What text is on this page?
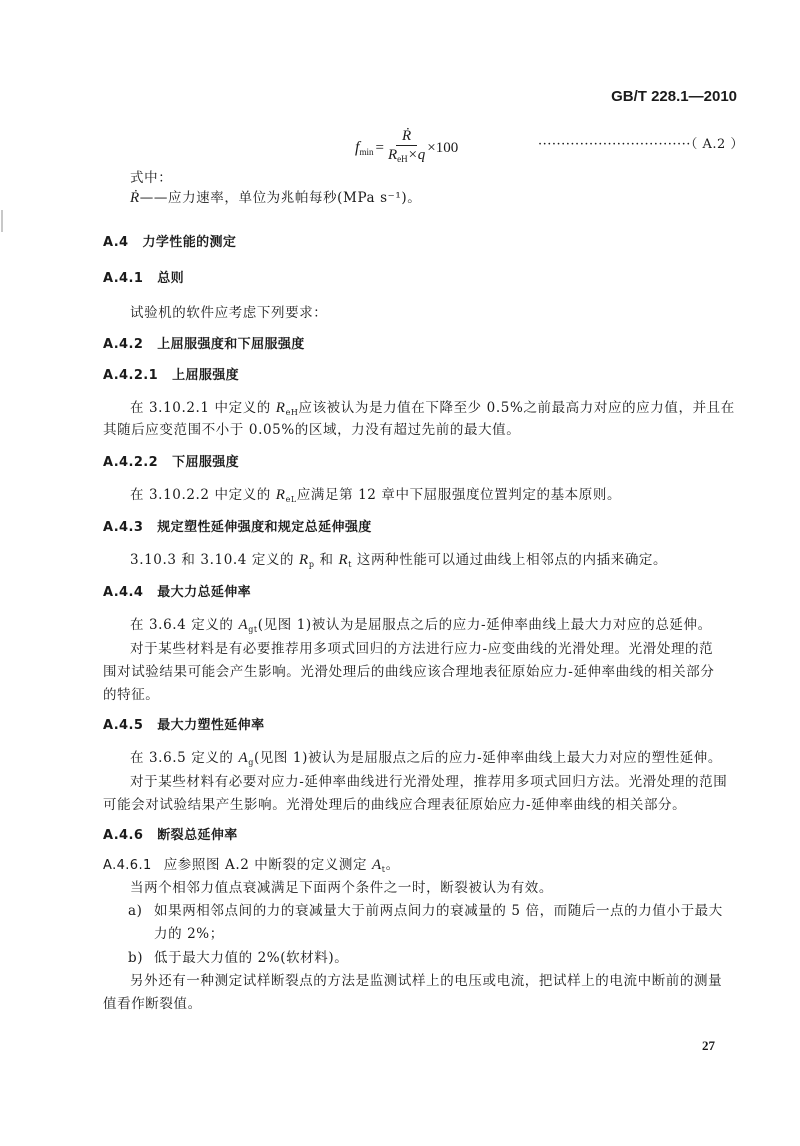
GB/T 228.1—2010
$f_{min} = \frac{\text{Ṙ}}{R_{eH}\times q} \times 100$	·································（ A.2 ）
式中：
Ṙ——应力速率，单位为兆帕每秒(MPa s⁻¹)。
A.4 力学性能的测定
A.4.1 总则
试验机的软件应考虑下列要求：
A.4.2 上屈服强度和下屈服强度
A.4.2.1 上屈服强度
在 3.10.2.1 中定义的 $R_{eH}$应该被认为是力值在下降至少 0.5%之前最高力对应的应力值，并且在
其随后应变范围不小于 0.05%的区域，力没有超过先前的最大值。
A.4.2.2 下屈服强度
在 3.10.2.2 中定义的 $R_{eL}$应满足第 12 章中下屈服强度位置判定的基本原则。
A.4.3 规定塑性延伸强度和规定总延伸强度
3.10.3 和 3.10.4 定义的 $R_p$ 和 $R_t$ 这两种性能可以通过曲线上相邻点的内插来确定。
A.4.4 最大力总延伸率
在 3.6.4 定义的 $A_{gt}$(见图 1)被认为是屈服点之后的应力-延伸率曲线上最大力对应的总延伸。
对于某些材料是有必要推荐用多项式回归的方法进行应力-应变曲线的光滑处理。光滑处理的范
围对试验结果可能会产生影响。光滑处理后的曲线应该合理地表征原始应力-延伸率曲线的相关部分
的特征。
A.4.5 最大力塑性延伸率
在 3.6.5 定义的 $A_g$(见图 1)被认为是屈服点之后的应力-延伸率曲线上最大力对应的塑性延伸。
对于某些材料有必要对应力-延伸率曲线进行光滑处理，推荐用多项式回归方法。光滑处理的范围
可能会对试验结果产生影响。光滑处理后的曲线应合理表征原始应力-延伸率曲线的相关部分。
A.4.6 断裂总延伸率
A.4.6.1 应参照图 A.2 中断裂的定义测定 $A_t$。
当两个相邻力值点衰减满足下面两个条件之一时，断裂被认为有效。
a) 如果两相邻点间的力的衰减量大于前两点间力的衰减量的 5 倍，而随后一点的力值小于最大
力的 2%；
b) 低于最大力值的 2%(软材料)。
另外还有一种测定试样断裂点的方法是监测试样上的电压或电流，把试样上的电流中断前的测量
值看作断裂值。
27
